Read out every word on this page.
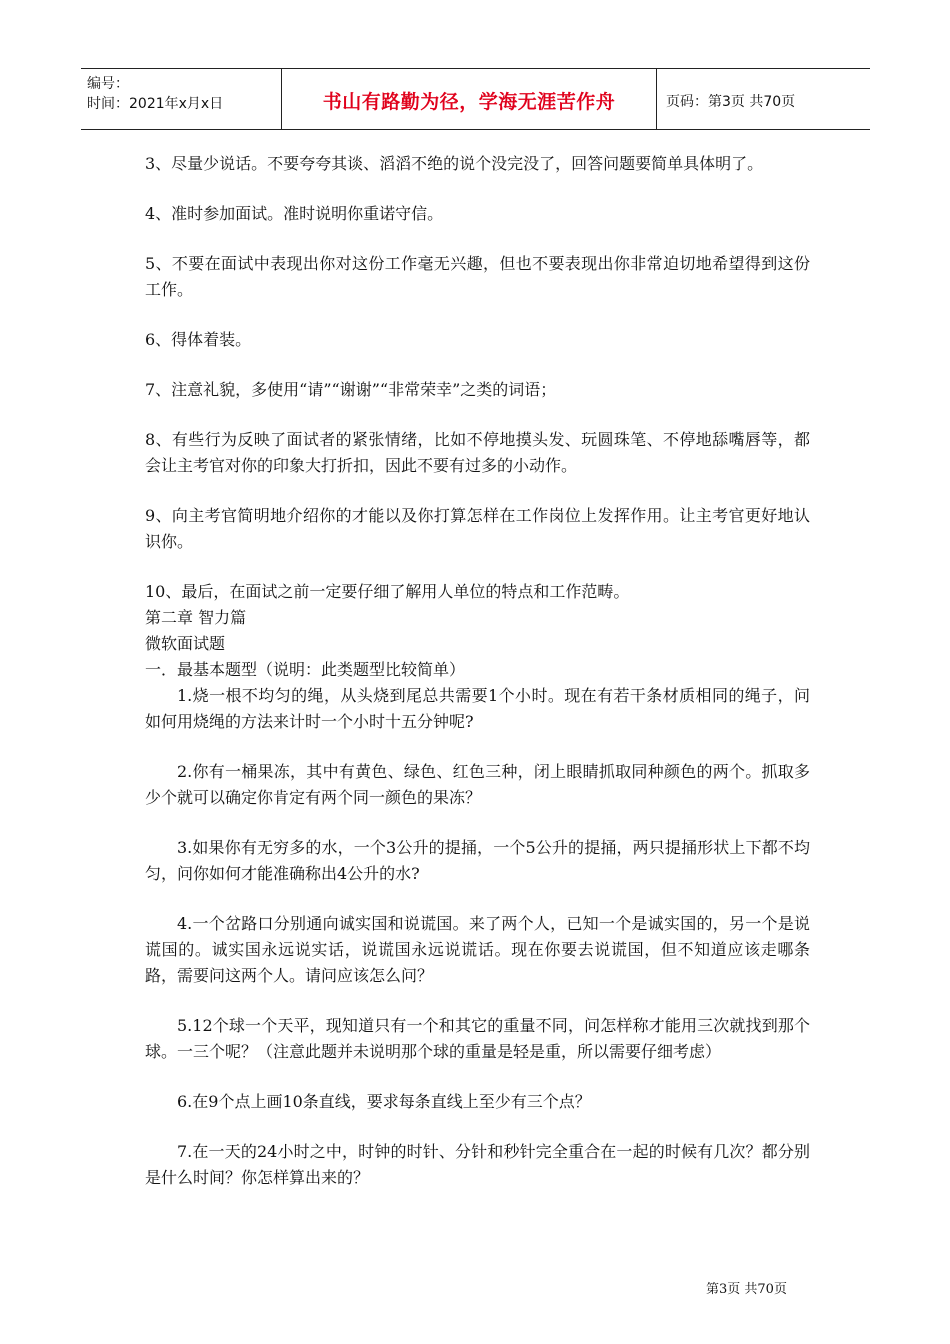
编号：
时间：2021年x月x日	书山有路勤为径，学海无涯苦作舟	页码：第3页 共70页

3、尽量少说话。不要夸夸其谈、滔滔不绝的说个没完没了，回答问题要简单具体明了。

4、准时参加面试。准时说明你重诺守信。

5、不要在面试中表现出你对这份工作毫无兴趣，但也不要表现出你非常迫切地希望得到这份工作。

6、得体着装。

7、注意礼貌，多使用“请”“谢谢”“非常荣幸”之类的词语；

8、有些行为反映了面试者的紧张情绪，比如不停地摸头发、玩圆珠笔、不停地舔嘴唇等，都会让主考官对你的印象大打折扣，因此不要有过多的小动作。

9、向主考官简明地介绍你的才能以及你打算怎样在工作岗位上发挥作用。让主考官更好地认识你。

10、最后，在面试之前一定要仔细了解用人单位的特点和工作范畴。

第二章 智力篇

微软面试题

一．最基本题型（说明：此类题型比较简单）

1.烧一根不均匀的绳，从头烧到尾总共需要1个小时。现在有若干条材质相同的绳子，问如何用烧绳的方法来计时一个小时十五分钟呢?

2.你有一桶果冻，其中有黄色、绿色、红色三种，闭上眼睛抓取同种颜色的两个。抓取多少个就可以确定你肯定有两个同一颜色的果冻？

3.如果你有无穷多的水，一个3公升的提捅，一个5公升的提捅，两只提捅形状上下都不均匀，问你如何才能准确称出4公升的水?

4.一个岔路口分别通向诚实国和说谎国。来了两个人，已知一个是诚实国的，另一个是说谎国的。诚实国永远说实话，说谎国永远说谎话。现在你要去说谎国，但不知道应该走哪条路，需要问这两个人。请问应该怎么问？

5.12个球一个天平，现知道只有一个和其它的重量不同，问怎样称才能用三次就找到那个球。一三个呢？（注意此题并未说明那个球的重量是轻是重，所以需要仔细考虑）

6.在9个点上画10条直线，要求每条直线上至少有三个点？

7.在一天的24小时之中，时钟的时针、分针和秒针完全重合在一起的时候有几次？都分别是什么时间？你怎样算出来的？

第3页 共70页
